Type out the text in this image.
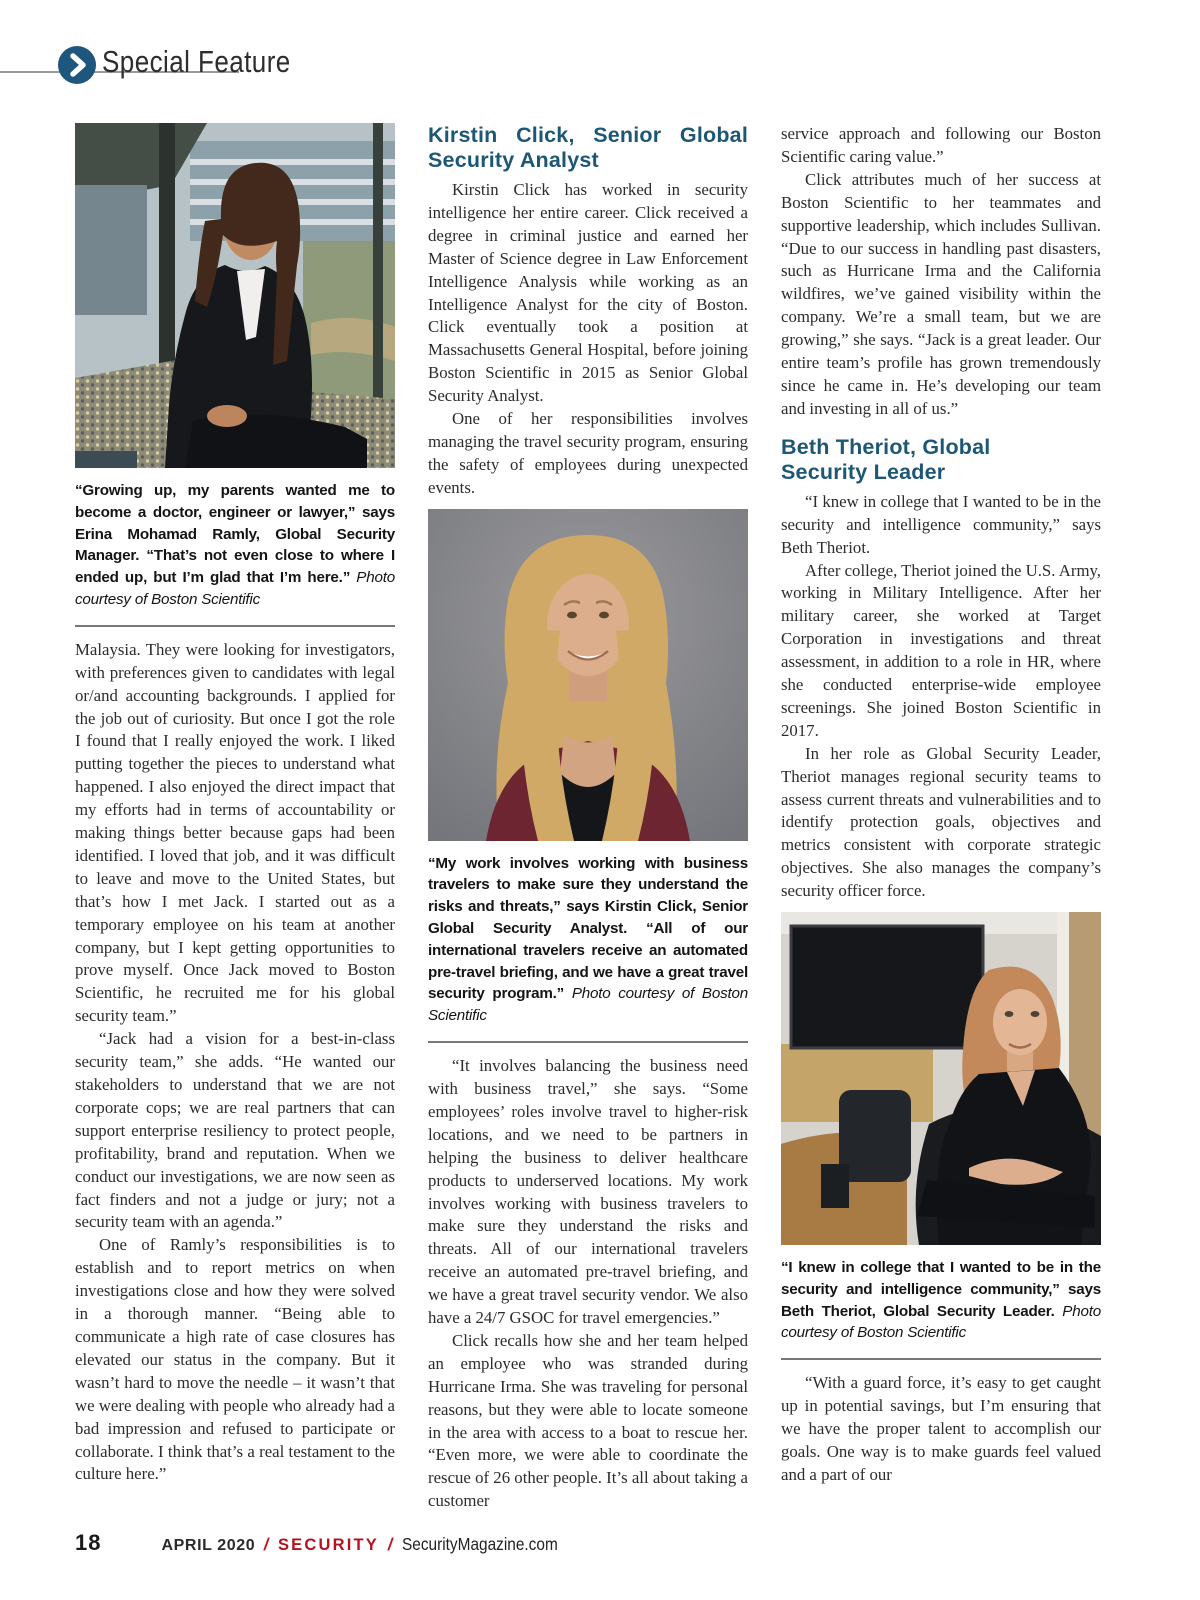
Special Feature

“Growing up, my parents wanted me to become a doctor, engineer or lawyer,” says Erina Mohamad Ramly, Global Security Manager. “That’s not even close to where I ended up, but I’m glad that I’m here.” Photo courtesy of Boston Scientific

Malaysia. They were looking for investigators, with preferences given to candidates with legal or/and accounting backgrounds. I applied for the job out of curiosity. But once I got the role I found that I really enjoyed the work. I liked putting together the pieces to understand what happened. I also enjoyed the direct impact that my efforts had in terms of accountability or making things better because gaps had been identified. I loved that job, and it was difficult to leave and move to the United States, but that’s how I met Jack. I started out as a temporary employee on his team at another company, but I kept getting opportunities to prove myself. Once Jack moved to Boston Scientific, he recruited me for his global security team.”

“Jack had a vision for a best-in-class security team,” she adds. “He wanted our stakeholders to understand that we are not corporate cops; we are real partners that can support enterprise resiliency to protect people, profitability, brand and reputation. When we conduct our investigations, we are now seen as fact finders and not a judge or jury; not a security team with an agenda.”

One of Ramly’s responsibilities is to establish and to report metrics on when investigations close and how they were solved in a thorough manner. “Being able to communicate a high rate of case closures has elevated our status in the company. But it wasn’t hard to move the needle – it wasn’t that we were dealing with people who already had a bad impression and refused to participate or collaborate. I think that’s a real testament to the culture here.”

Kirstin Click, Senior Global
Security Analyst

Kirstin Click has worked in security intelligence her entire career. Click received a degree in criminal justice and earned her Master of Science degree in Law Enforcement Intelligence Analysis while working as an Intelligence Analyst for the city of Boston. Click eventually took a position at Massachusetts General Hospital, before joining Boston Scientific in 2015 as Senior Global Security Analyst.

One of her responsibilities involves managing the travel security program, ensuring the safety of employees during unexpected events.

“My work involves working with business travelers to make sure they understand the risks and threats,” says Kirstin Click, Senior Global Security Analyst. “All of our international travelers receive an automated pre-travel briefing, and we have a great travel security program.” Photo courtesy of Boston Scientific

“It involves balancing the business need with business travel,” she says. “Some employees’ roles involve travel to higher-risk locations, and we need to be partners in helping the business to deliver healthcare products to underserved locations. My work involves working with business travelers to make sure they understand the risks and threats. All of our international travelers receive an automated pre-travel briefing, and we have a great travel security vendor. We also have a 24/7 GSOC for travel emergencies.”

Click recalls how she and her team helped an employee who was stranded during Hurricane Irma. She was traveling for personal reasons, but they were able to locate someone in the area with access to a boat to rescue her. “Even more, we were able to coordinate the rescue of 26 other people. It’s all about taking a customer

service approach and following our Boston Scientific caring value.”

Click attributes much of her success at Boston Scientific to her teammates and supportive leadership, which includes Sullivan. “Due to our success in handling past disasters, such as Hurricane Irma and the California wildfires, we’ve gained visibility within the company. We’re a small team, but we are growing,” she says. “Jack is a great leader. Our entire team’s profile has grown tremendously since he came in. He’s developing our team and investing in all of us.”

Beth Theriot, Global
Security Leader

“I knew in college that I wanted to be in the security and intelligence community,” says Beth Theriot.

After college, Theriot joined the U.S. Army, working in Military Intelligence. After her military career, she worked at Target Corporation in investigations and threat assessment, in addition to a role in HR, where she conducted enterprise-wide employee screenings. She joined Boston Scientific in 2017.

In her role as Global Security Leader, Theriot manages regional security teams to assess current threats and vulnerabilities and to identify protection goals, objectives and metrics consistent with corporate strategic objectives. She also manages the company’s security officer force.

“I knew in college that I wanted to be in the security and intelligence community,” says Beth Theriot, Global Security Leader. Photo courtesy of Boston Scientific

“With a guard force, it’s easy to get caught up in potential savings, but I’m ensuring that we have the proper talent to accomplish our goals. One way is to make guards feel valued and a part of our

18	APRIL 2020 / SECURITY / SecurityMagazine.com
